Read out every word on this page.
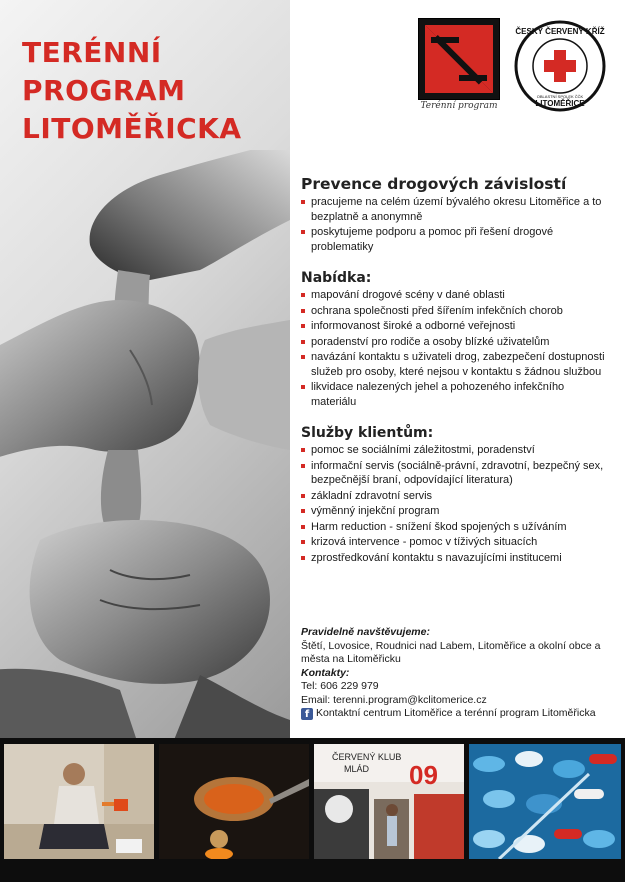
TERÉNNÍ
PROGRAM
LITOMĚŘICKA
Terénní program
ČESKÝ ČERVENÝ KŘÍŽ
LITOMĚŘICE
OBLASTNÍ SPOLEK ČČK
Prevence drogových závislostí
pracujeme na celém území bývalého okresu Litoměřice a to bezplatně a anonymně
poskytujeme podporu a pomoc při řešení drogové problematiky
Nabídka:
mapování drogové scény v dané oblasti
ochrana společnosti před šířením infekčních chorob
informovanost široké a odborné veřejnosti
poradenství pro rodiče a osoby blízké uživatelům
navázání kontaktu s uživateli drog, zabezpečení dostupnosti služeb pro osoby, které nejsou v kontaktu s žádnou službou
likvidace nalezených jehel a pohozeného infekčního materiálu
Služby klientům:
pomoc se sociálními záležitostmi, poradenství
informační servis (sociálně-právní, zdravotní, bezpečný sex, bezpečnější braní, odpovídající literatura)
základní zdravotní servis
výměnný injekční program
Harm reduction - snížení škod spojených s užíváním
krizová intervence - pomoc v tíživých situacích
zprostředkování kontaktu s navazujícími institucemi
Pravidelně navštěvujeme:
Štětí, Lovosice, Roudnici nad Labem, Litoměřice a okolní obce a města na Litoměřicku
Kontakty:
Tel: 606 229 979
Email: terenni.program@kclitomerice.cz
f Kontaktní centrum Litoměřice a terénní program Litoměřicka
ČERVENÝ KLUB
MLÁD 09
